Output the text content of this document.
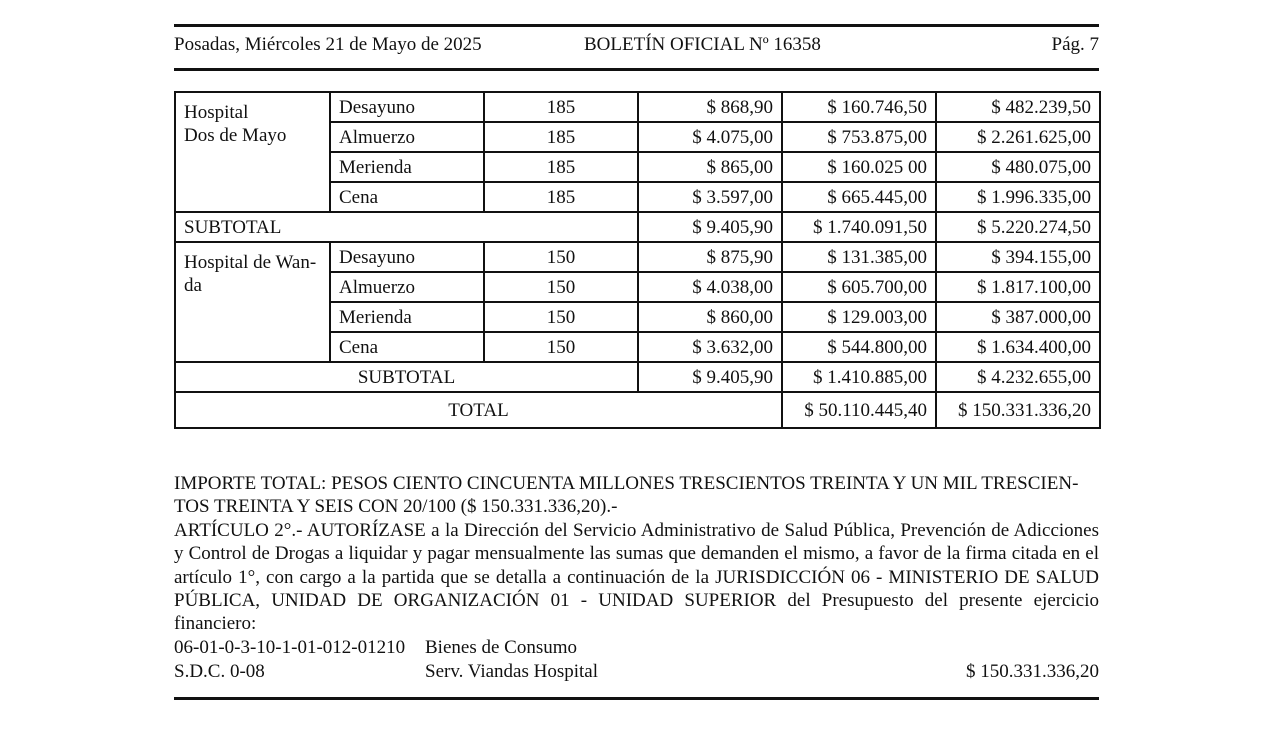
Posadas, Miércoles 21 de Mayo de 2025	BOLETÍN OFICIAL Nº 16358	Pág. 7
Hospital
Dos de Mayo	Desayuno	185	$ 868,90	$ 160.746,50	$ 482.239,50
	Almuerzo	185	$ 4.075,00	$ 753.875,00	$ 2.261.625,00
	Merienda	185	$ 865,00	$ 160.025 00	$ 480.075,00
	Cena	185	$ 3.597,00	$ 665.445,00	$ 1.996.335,00
SUBTOTAL			$ 9.405,90	$ 1.740.091,50	$ 5.220.274,50

Hospital de Wan-
da	Desayuno	150	$ 875,90	$ 131.385,00	$ 394.155,00
	Almuerzo	150	$ 4.038,00	$ 605.700,00	$ 1.817.100,00
	Merienda	150	$ 860,00	$ 129.003,00	$ 387.000,00
	Cena	150	$ 3.632,00	$ 544.800,00	$ 1.634.400,00
SUBTOTAL			$ 9.405,90	$ 1.410.885,00	$ 4.232.655,00
TOTAL				$ 50.110.445,40	$ 150.331.336,20

IMPORTE TOTAL: PESOS CIENTO CINCUENTA MILLONES TRESCIENTOS TREINTA Y UN MIL TRESCIEN-
TOS TREINTA Y SEIS CON 20/100 ($ 150.331.336,20).-

ARTÍCULO 2°.- AUTORÍZASE a la Dirección del Servicio Administrativo de Salud Pública, Prevención de Adicciones y Control de Drogas a liquidar y pagar mensualmente las sumas que demanden el mismo, a favor de la firma citada en el artículo 1°, con cargo a la partida que se detalla a continuación de la JURISDICCIÓN 06 - MINISTERIO DE SALUD PÚBLICA, UNIDAD DE ORGANIZACIÓN 01 - UNIDAD SUPERIOR del Presupuesto del presente ejercicio financiero:

06-01-0-3-10-1-01-012-01210 Bienes de Consumo
S.D.C. 0-08	Serv. Viandas Hospital	$ 150.331.336,20
